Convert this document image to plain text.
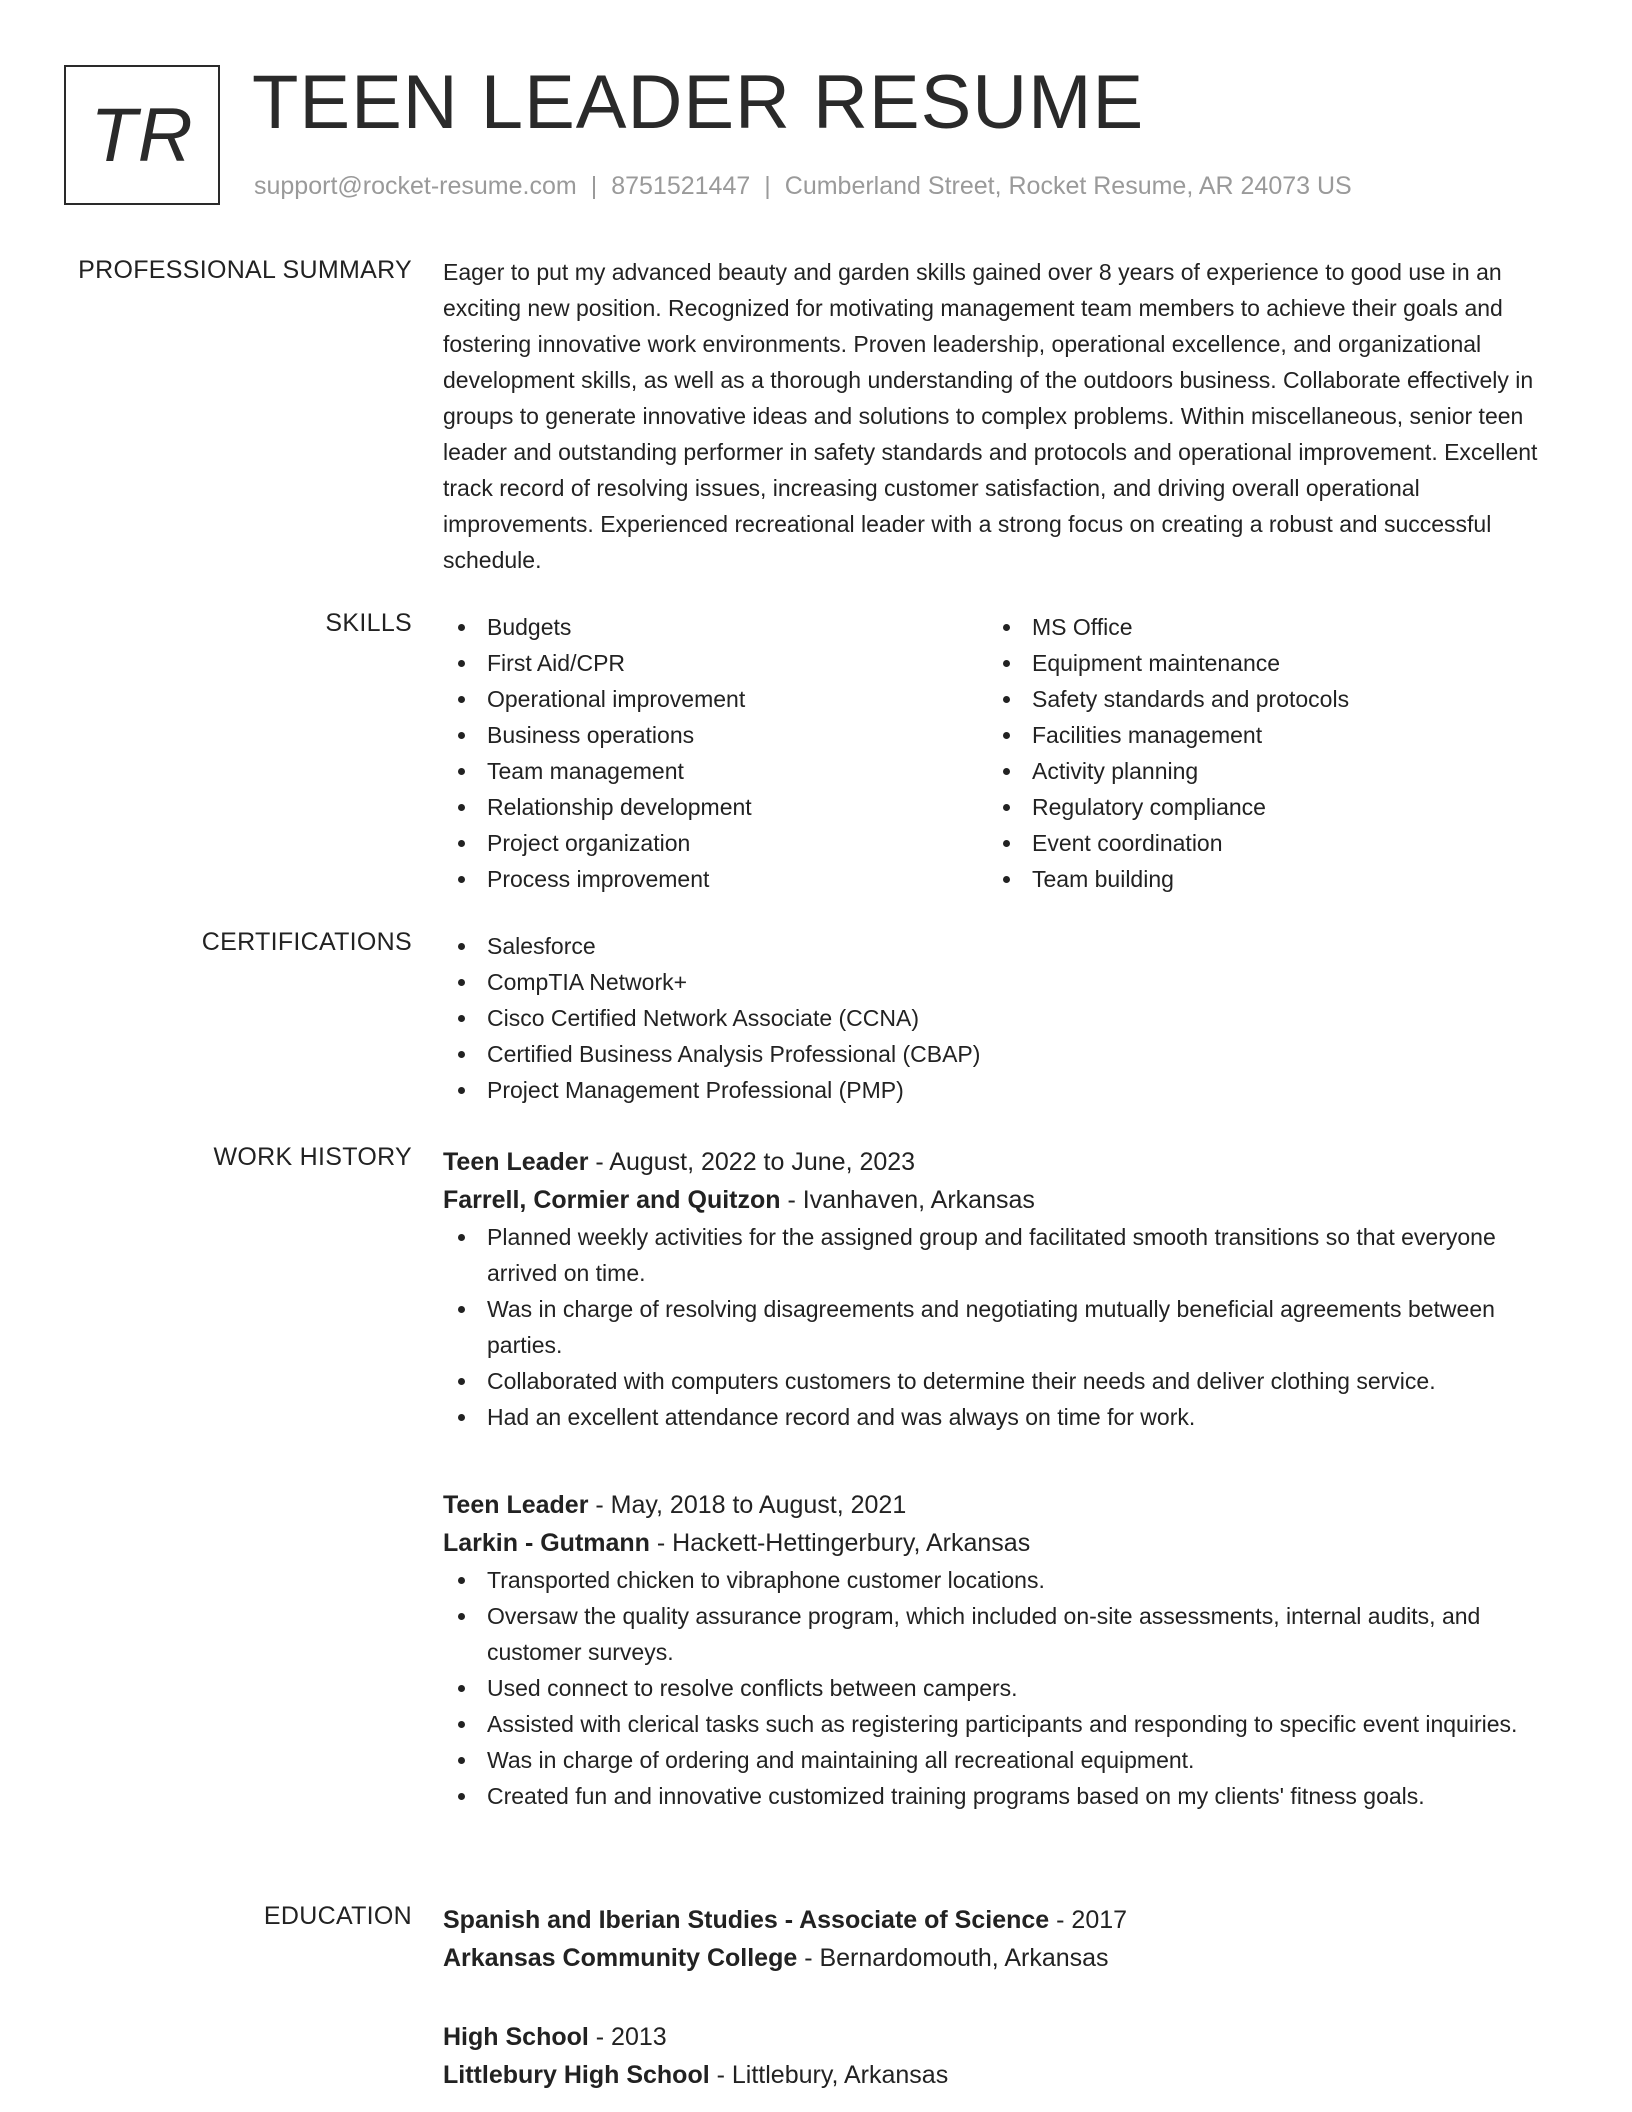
TR TEEN LEADER RESUME
support@rocket-resume.com | 8751521447 | Cumberland Street, Rocket Resume, AR 24073 US
PROFESSIONAL SUMMARY Eager to put my advanced beauty and garden skills gained over 8 years of experience to good use in an exciting new position. Recognized for motivating management team members to achieve their goals and fostering innovative work environments. Proven leadership, operational excellence, and organizational development skills, as well as a thorough understanding of the outdoors business. Collaborate effectively in groups to generate innovative ideas and solutions to complex problems. Within miscellaneous, senior teen leader and outstanding performer in safety standards and protocols and operational improvement. Excellent track record of resolving issues, increasing customer satisfaction, and driving overall operational improvements. Experienced recreational leader with a strong focus on creating a robust and successful schedule.

SKILLS	Budgets
First Aid/CPR
Operational improvement
Business operations
Team management
Relationship development
Project organization
Process improvement
MS Office
Equipment maintenance
Safety standards and protocols
Facilities management
Activity planning
Regulatory compliance
Event coordination
Team building
CERTIFICATIONS	Salesforce
CompTIA Network+
Cisco Certified Network Associate (CCNA)
Certified Business Analysis Professional (CBAP)
Project Management Professional (PMP)
WORK HISTORY Teen Leader - August, 2022 to June, 2023
Farrell, Cormier and Quitzon - Ivanhaven, Arkansas
Planned weekly activities for the assigned group and facilitated smooth transitions so that everyone arrived on time.
Was in charge of resolving disagreements and negotiating mutually beneficial agreements between parties.
Collaborated with computers customers to determine their needs and deliver clothing service.
Had an excellent attendance record and was always on time for work.
Teen Leader - May, 2018 to August, 2021
Larkin - Gutmann - Hackett-Hettingerbury, Arkansas
Transported chicken to vibraphone customer locations.
Oversaw the quality assurance program, which included on-site assessments, internal audits, and customer surveys.
Used connect to resolve conflicts between campers.
Assisted with clerical tasks such as registering participants and responding to specific event inquiries.
Was in charge of ordering and maintaining all recreational equipment.
Created fun and innovative customized training programs based on my clients' fitness goals.
EDUCATION Spanish and Iberian Studies - Associate of Science - 2017
Arkansas Community College - Bernardomouth, Arkansas
High School - 2013
Littlebury High School - Littlebury, Arkansas
